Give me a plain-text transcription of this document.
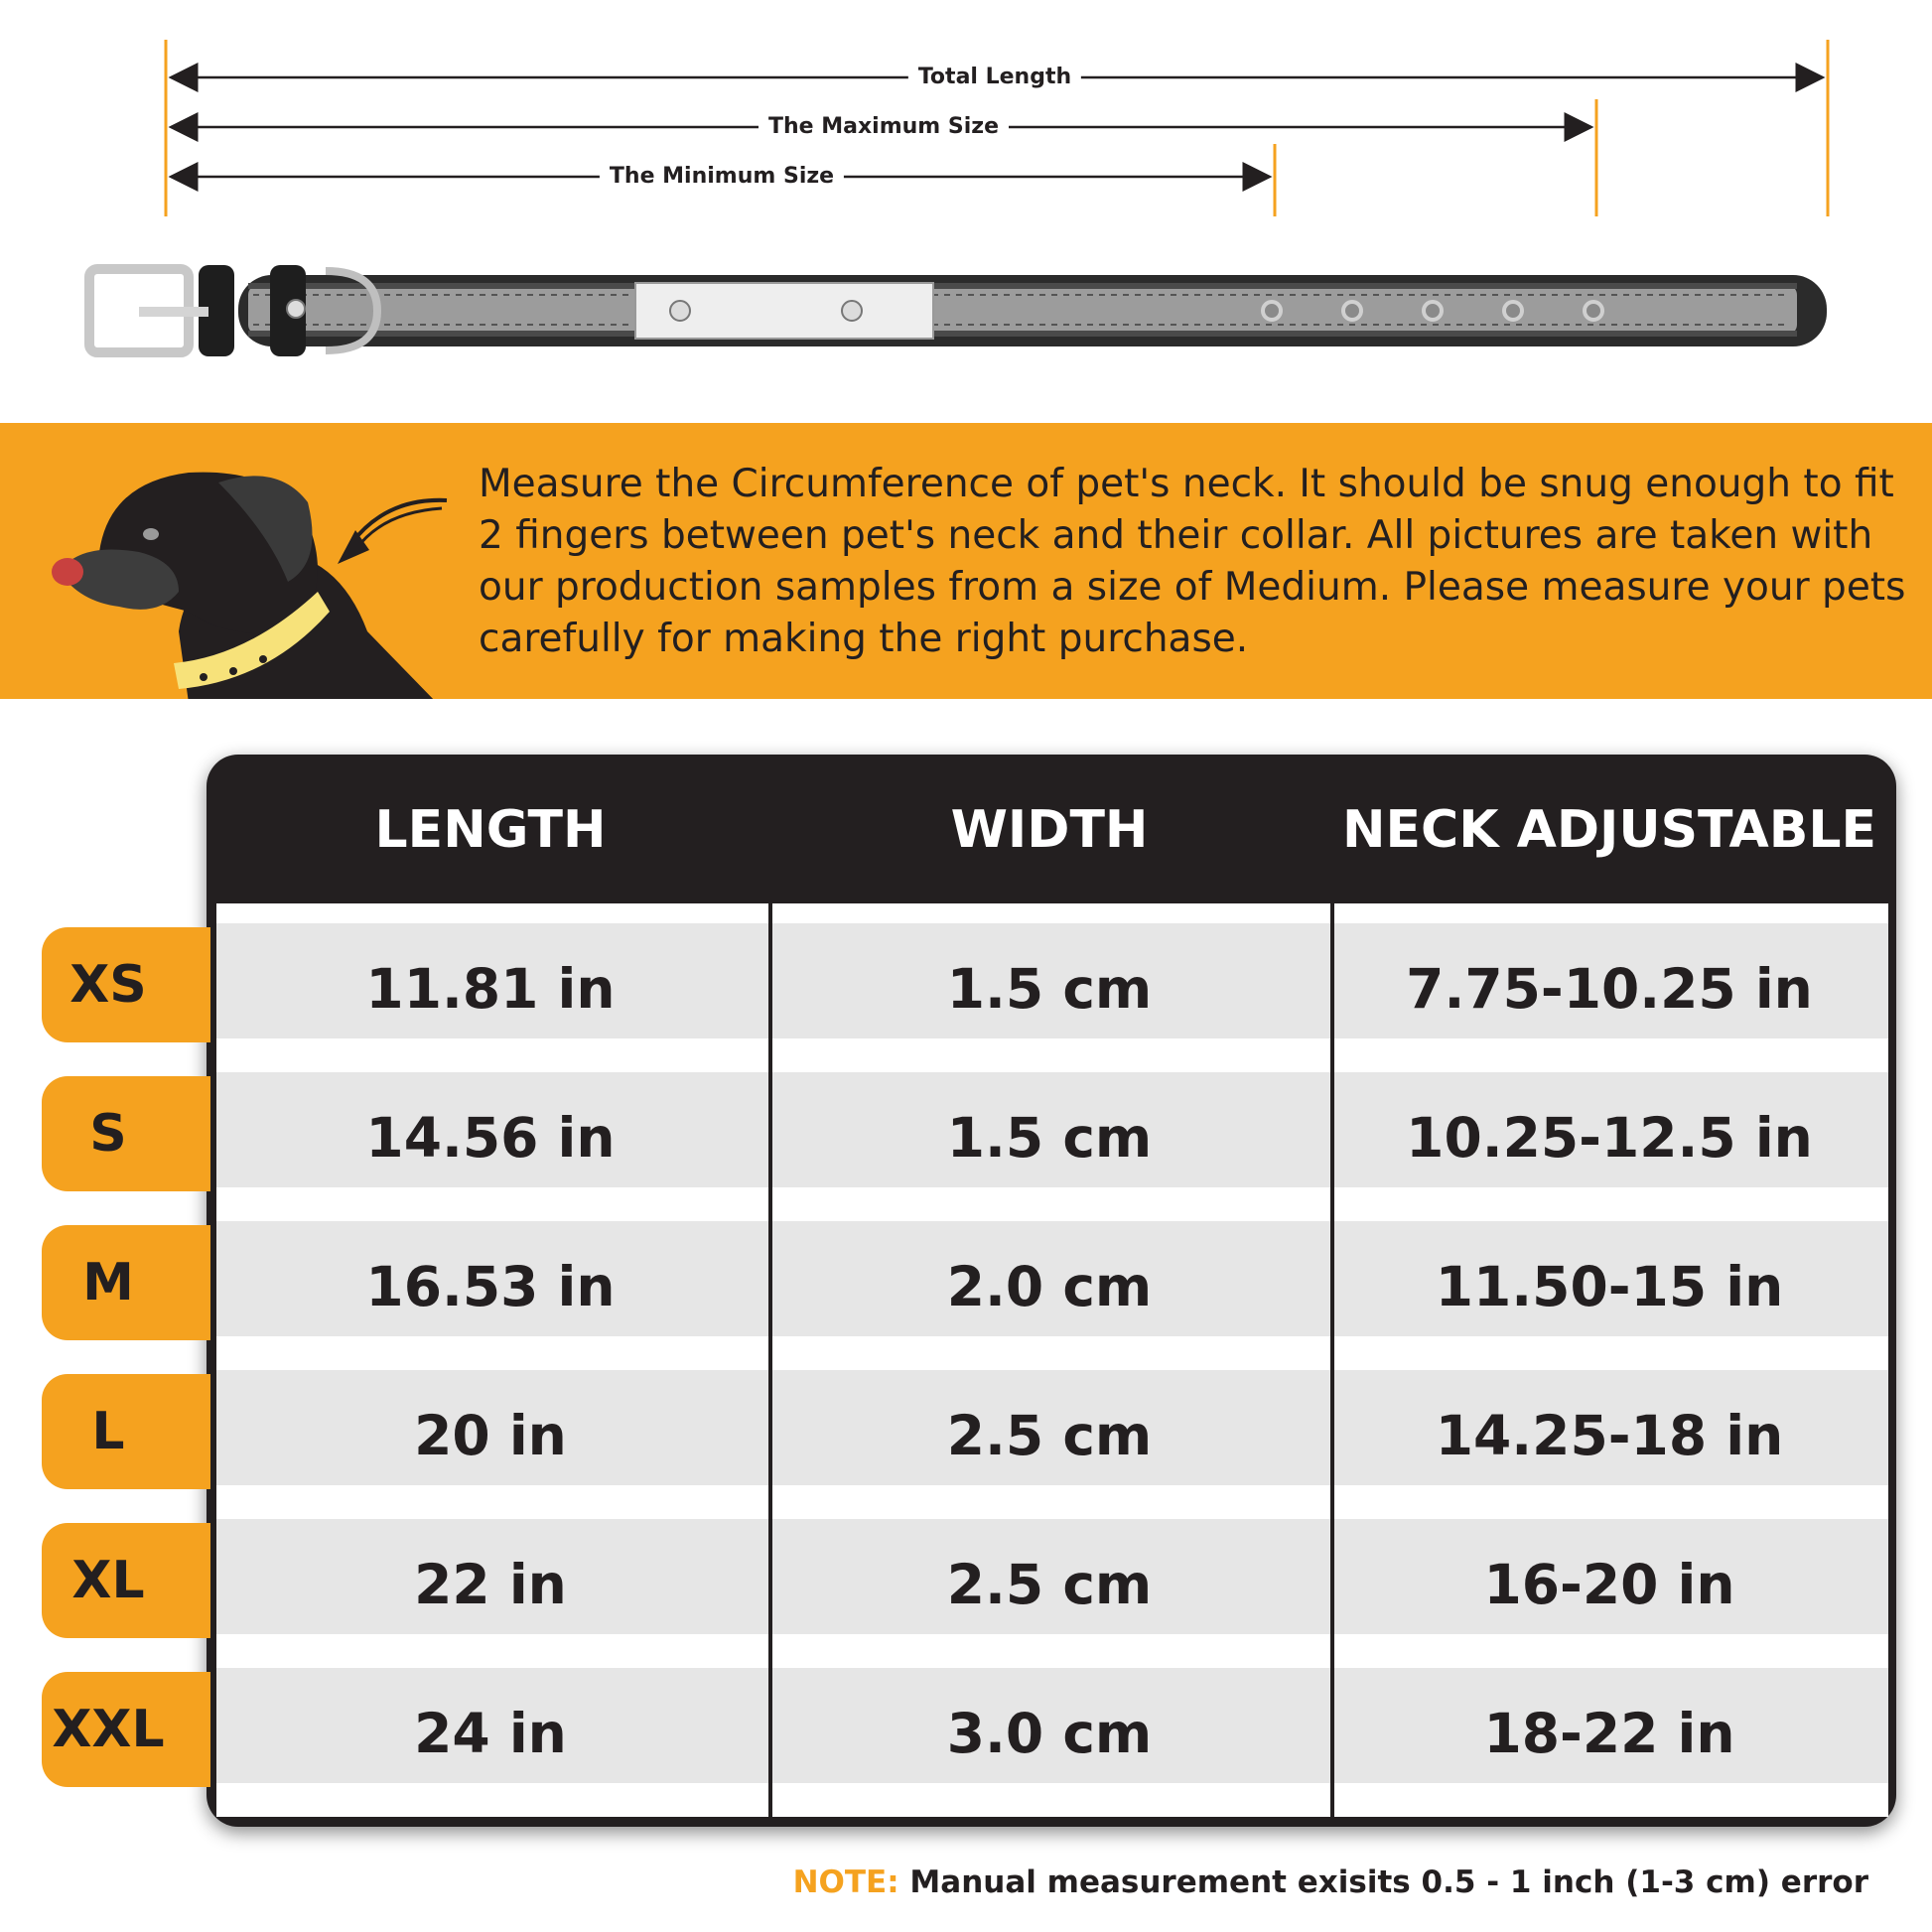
Total Length
The Maximum Size
The Minimum Size
Measure the Circumference of pet's neck. It should be snug enough to fit 2 fingers between pet's neck and their collar. All pictures are taken with our production samples from a size of Medium. Please measure your pets carefully for making the right purchase.
LENGTH	WIDTH	NECK ADJUSTABLE
XS	11.81 in	1.5 cm	7.75-10.25 in
S	14.56 in	1.5 cm	10.25-12.5 in
M	16.53 in	2.0 cm	11.50-15 in
L	20 in	2.5 cm	14.25-18 in
XL	22 in	2.5 cm	16-20 in
XXL	24 in	3.0 cm	18-22 in
NOTE: Manual measurement exisits 0.5 - 1 inch (1-3 cm) error
